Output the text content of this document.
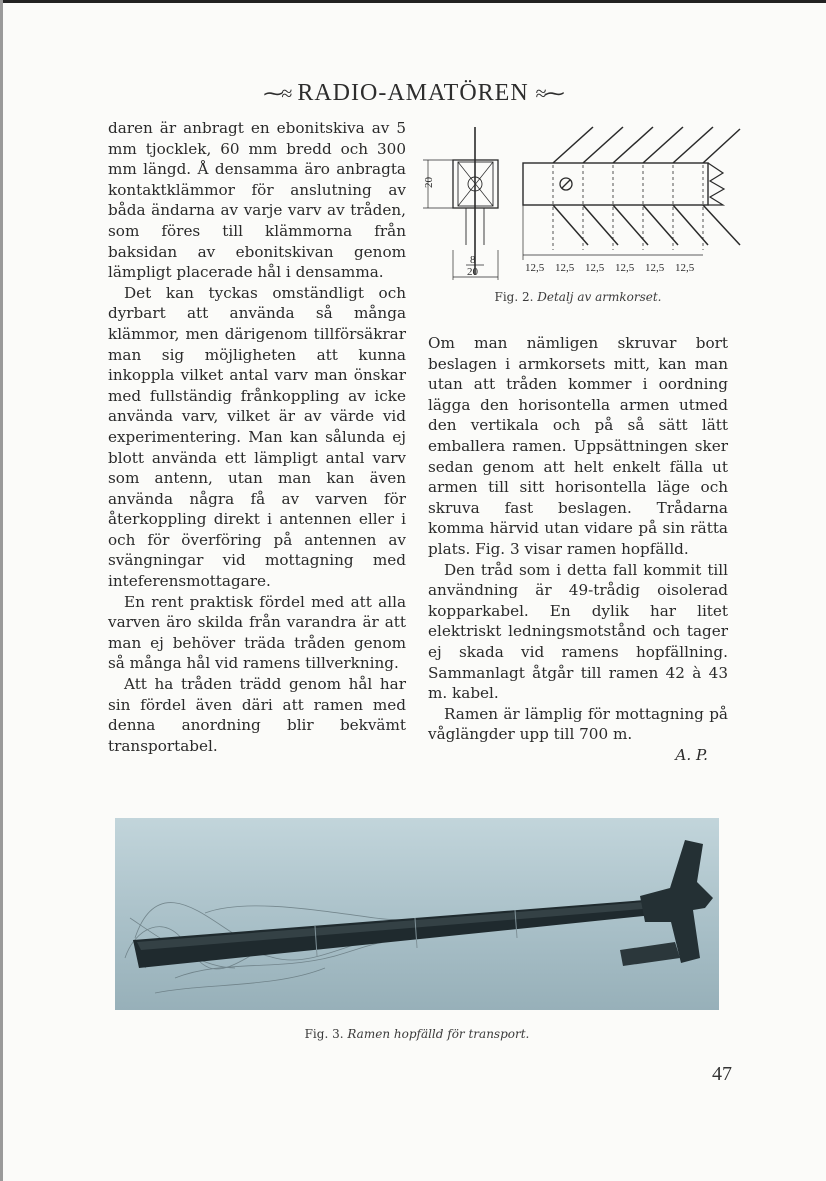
⁓≈ RADIO-AMATÖREN ≈⁓

daren är anbragt en ebonitskiva av 5 mm tjocklek, 60 mm bredd och 300 mm längd. Å densamma äro anbragta kontaktklämmor för anslutning av båda ändarna av varje varv av tråden, som föres till klämmorna från baksidan av ebonitskivan genom lämpligt placerade hål i densamma.

Det kan tyckas omständligt och dyrbart att använda så många klämmor, men därigenom tillförsäkrar man sig möjligheten att kunna inkoppla vilket antal varv man önskar med fullständig frånkoppling av icke använda varv, vilket är av värde vid experimentering. Man kan sålunda ej blott använda ett lämpligt antal varv som antenn, utan man kan även använda några få av varven för återkoppling direkt i antennen eller i och för överföring på antennen av svängningar vid mottagning med inteferensmottagare.

En rent praktisk fördel med att alla varven äro skilda från varandra är att man ej behöver träda tråden genom så många hål vid ramens tillverkning.

Att ha tråden trädd genom hål har sin fördel även däri att ramen med denna anordning blir bekvämt transportabel.

20
8
20	12,5 12,5 12,5 12,5 12,5 12,5
Fig. 2. Detalj av armkorset.

Om man nämligen skruvar bort beslagen i armkorsets mitt, kan man utan att tråden kommer i oordning lägga den horisontella armen utmed den vertikala och på så sätt lätt emballera ramen. Uppsättningen sker sedan genom att helt enkelt fälla ut armen till sitt horisontella läge och skruva fast beslagen. Trådarna komma härvid utan vidare på sin rätta plats. Fig. 3 visar ramen hopfälld.

Den tråd som i detta fall kommit till användning är 49-trådig oisolerad kopparkabel. En dylik har litet elektriskt ledningsmotstånd och tager ej skada vid ramens hopfällning. Sammanlagt åtgår till ramen 42 à 43 m. kabel.

Ramen är lämplig för mottagning på våglängder upp till 700 m.

A. P.
Fig. 3. Ramen hopfälld för transport.
47
